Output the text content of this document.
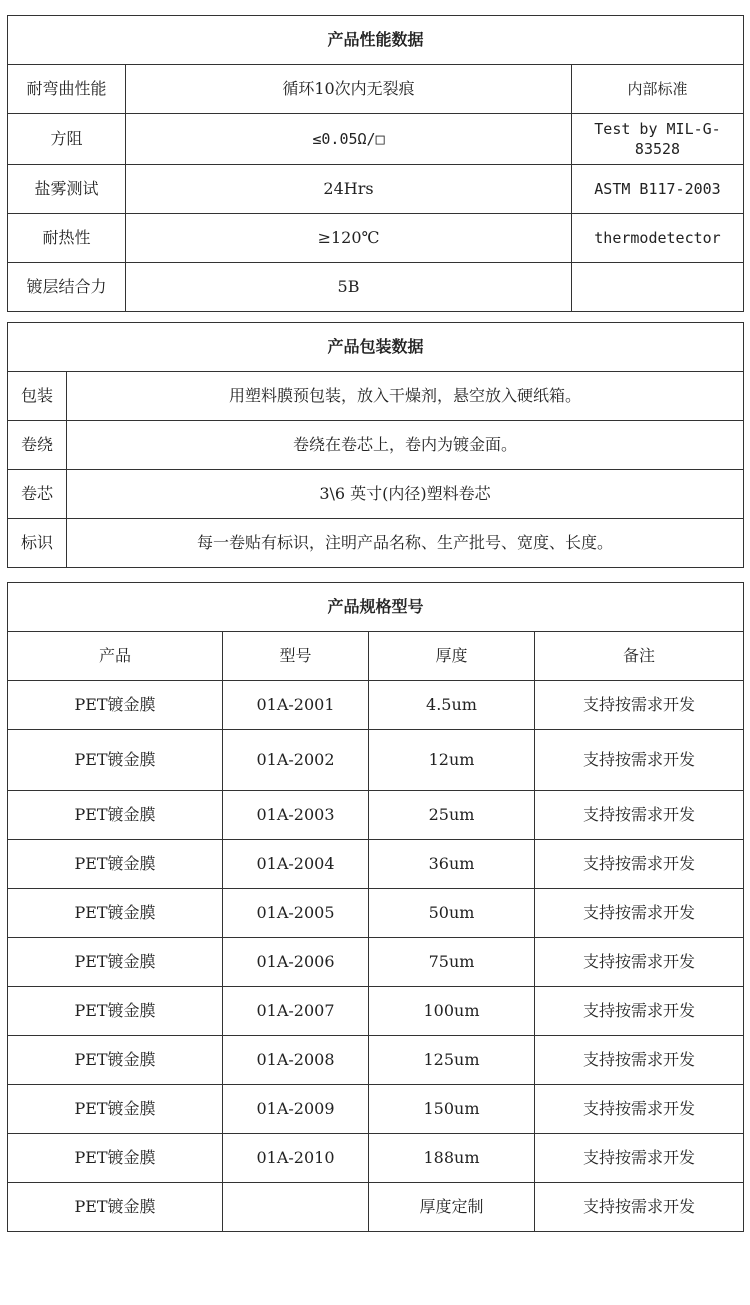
产品性能数据		
耐弯曲性能	循环10次内无裂痕	内部标准
方阻	≤0.05Ω/□	Test by MIL-G-83528
盐雾测试	24Hrs	ASTM B117-2003
耐热性	≥120℃	thermodetector
镀层结合力	5B	
产品包装数据	
包装	用塑料膜预包装，放入干燥剂，悬空放入硬纸箱。
卷绕	卷绕在卷芯上，卷内为镀金面。
卷芯	3\6 英寸(内径)塑料卷芯
标识	每一卷贴有标识，注明产品名称、生产批号、宽度、长度。
产品规格型号			
产品	型号	厚度	备注
PET镀金膜	01A-2001	4.5um	支持按需求开发
PET镀金膜	01A-2002	12um	支持按需求开发
PET镀金膜	01A-2003	25um	支持按需求开发
PET镀金膜	01A-2004	36um	支持按需求开发
PET镀金膜	01A-2005	50um	支持按需求开发
PET镀金膜	01A-2006	75um	支持按需求开发
PET镀金膜	01A-2007	100um	支持按需求开发
PET镀金膜	01A-2008	125um	支持按需求开发
PET镀金膜	01A-2009	150um	支持按需求开发
PET镀金膜	01A-2010	188um	支持按需求开发
PET镀金膜		厚度定制	支持按需求开发
